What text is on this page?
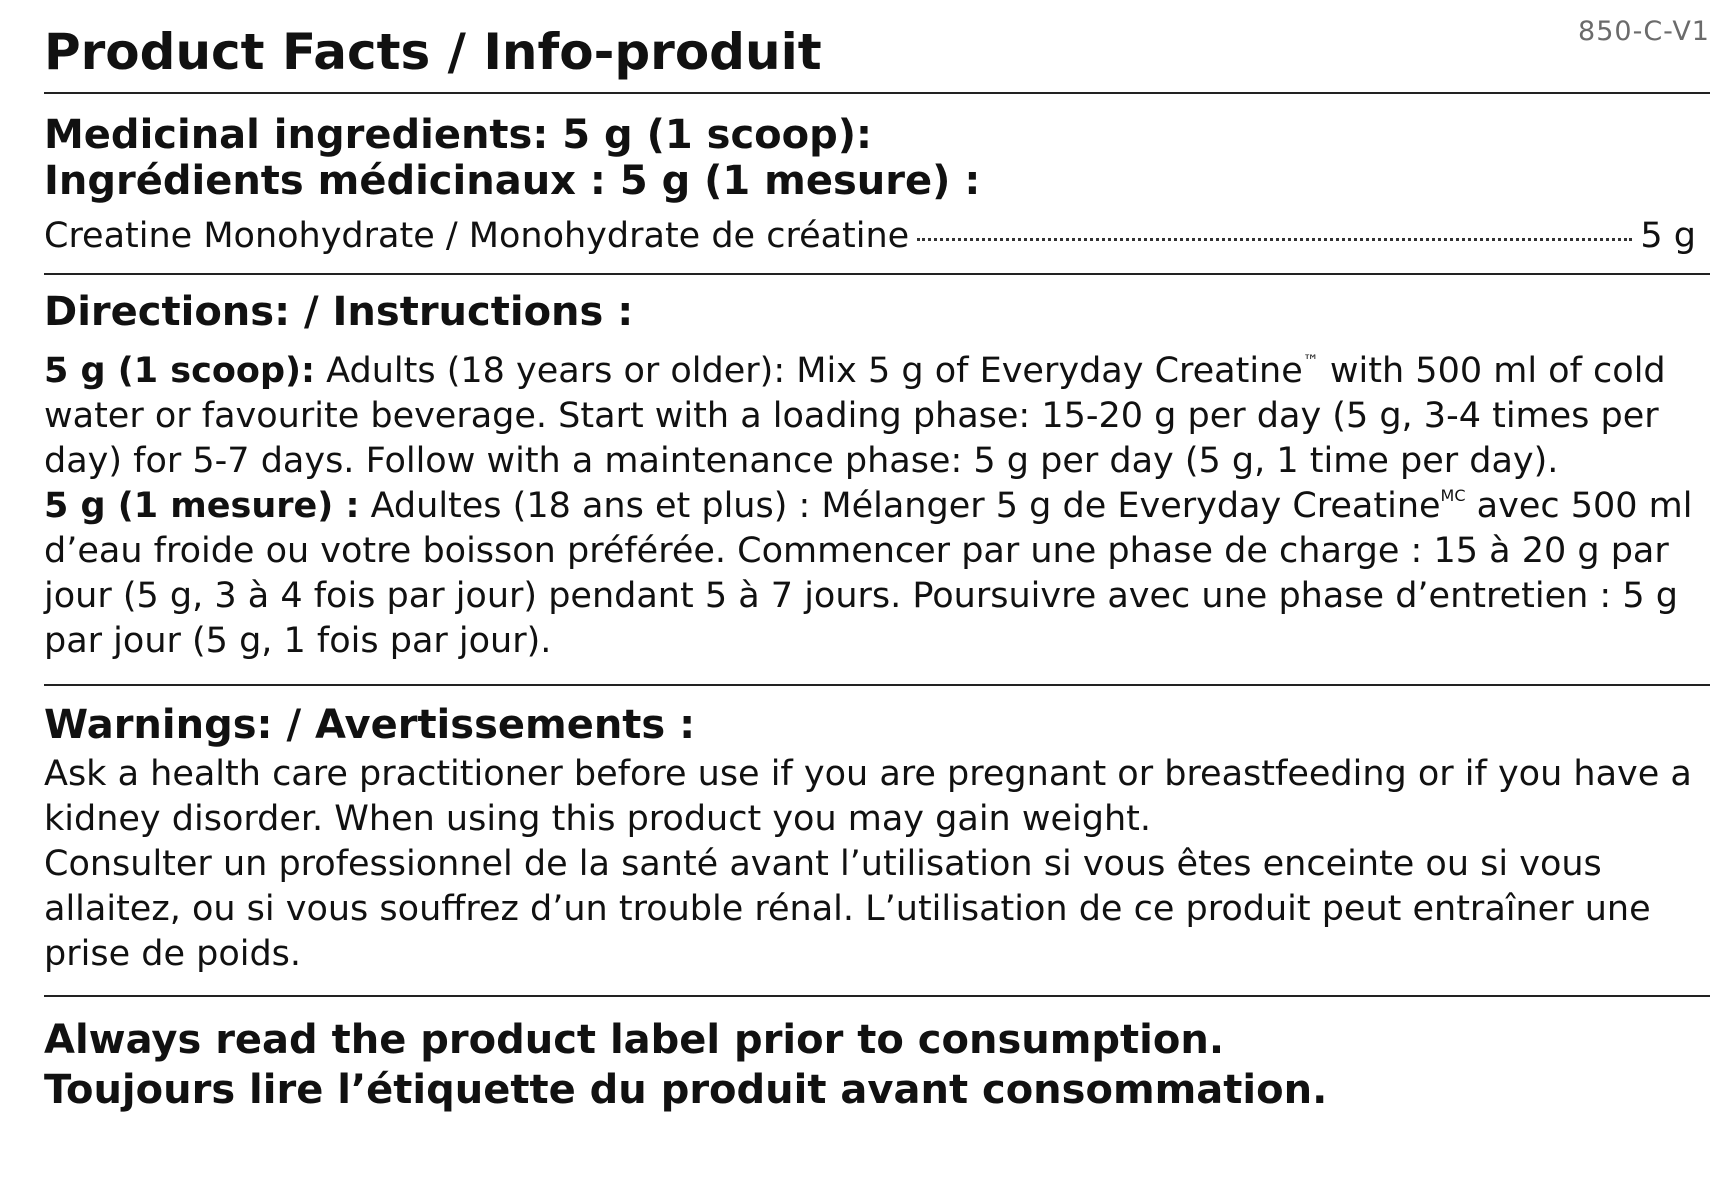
850-C-V1
Product Facts / Info-produit

Medicinal ingredients: 5 g (1 scoop):

Ingrédients médicinaux : 5 g (1 mesure) :

Creatine Monohydrate / Monohydrate de créatine	5 g

Directions: / Instructions :

5 g (1 scoop): Adults (18 years or older): Mix 5 g of Everyday Creatine™ with 500 ml of cold water or favourite beverage. Start with a loading phase: 15-20 g per day (5 g, 3-4 times per day) for 5-7 days. Follow with a maintenance phase: 5 g per day (5 g, 1 time per day).

5 g (1 mesure) : Adultes (18 ans et plus) : Mélanger 5 g de Everyday Creatine$^{MC}$ avec 500 ml d’eau froide ou votre boisson préférée. Commencer par une phase de charge : 15 à 20 g par jour (5 g, 3 à 4 fois par jour) pendant 5 à 7 jours. Poursuivre avec une phase d’entretien : 5 g par jour (5 g, 1 fois par jour).

Warnings: / Avertissements :

Ask a health care practitioner before use if you are pregnant or breastfeeding or if you have a kidney disorder. When using this product you may gain weight.

Consulter un professionnel de la santé avant l’utilisation si vous êtes enceinte ou si vous allaitez, ou si vous souffrez d’un trouble rénal. L’utilisation de ce produit peut entraîner une prise de poids.

Always read the product label prior to consumption.

Toujours lire l’étiquette du produit avant consommation.
